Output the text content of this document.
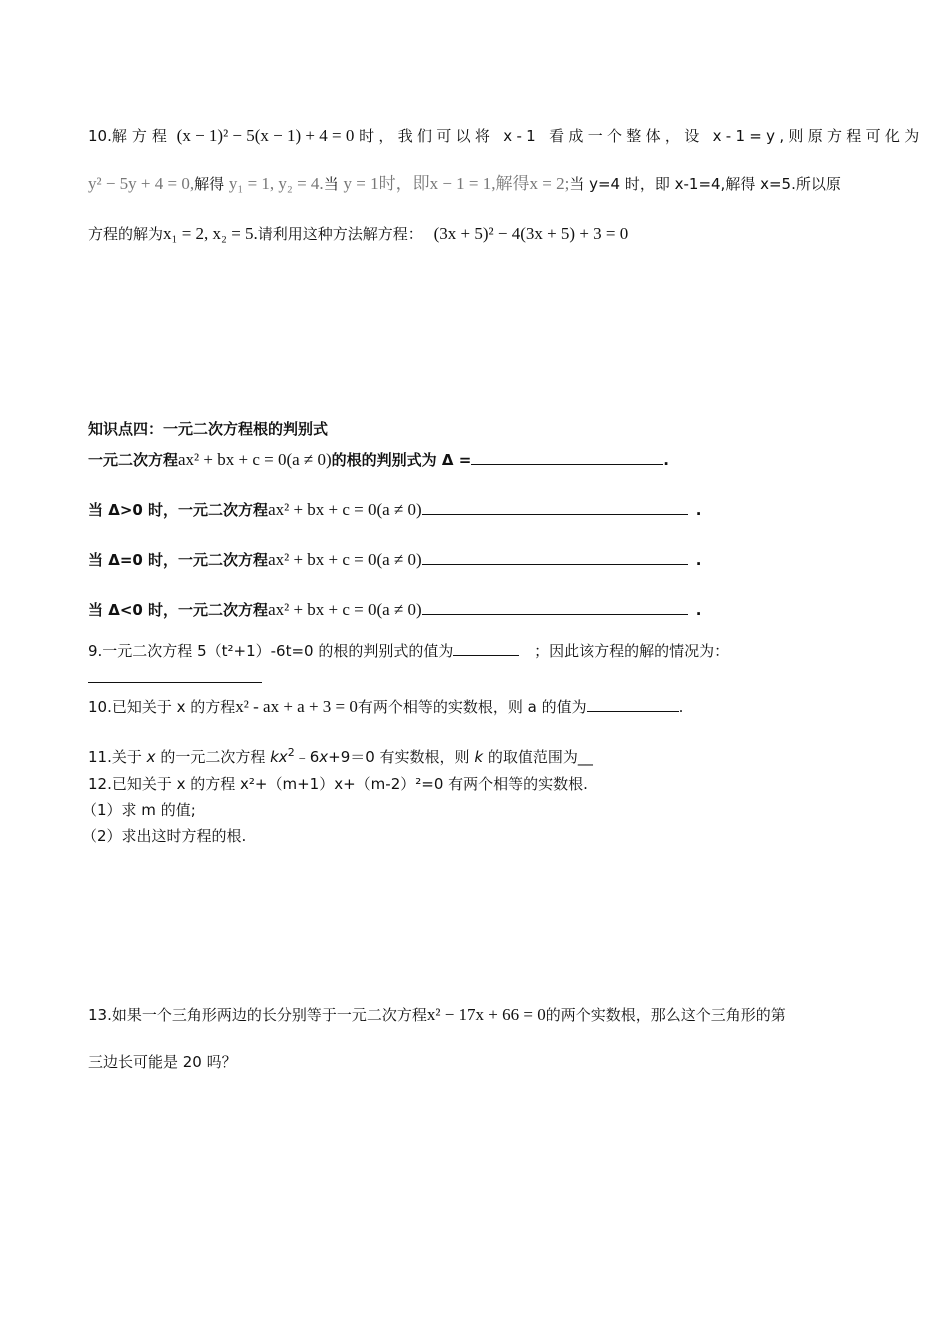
10.解方程 (x − 1)² − 5(x − 1) + 4 = 0 时，我们可以将 x-1 看成一个整体，设 x-1=y,则原方程可化为
y² − 5y + 4 = 0,解得 y₁ = 1, y₂ = 4.当 y = 1时，即x − 1 = 1,解得x = 2;当 y=4 时，即 x-1=4,解得 x=5.所以原
方程的解为x₁ = 2, x₂ = 5.请利用这种方法解方程： (3x + 5)² − 4(3x + 5) + 3 = 0
知识点四：一元二次方程根的判别式
一元二次方程ax² + bx + c = 0(a ≠ 0)的根的判别式为 Δ =	.
当 Δ>0 时，一元二次方程ax² + bx + c = 0(a ≠ 0)	.
当 Δ=0 时，一元二次方程ax² + bx + c = 0(a ≠ 0)	.
当 Δ<0 时，一元二次方程ax² + bx + c = 0(a ≠ 0)	.
9.一元二次方程 5（t²+1）-6t=0 的根的判别式的值为	；因此该方程的解的情况为：
10.已知关于 x 的方程x² - ax + a + 3 = 0有两个相等的实数根，则 a 的值为	.
11.关于 x 的一元二次方程 $kx^2﹣6x+9=0$ 有实数根，则 k 的取值范围为__
12.已知关于 x 的方程 x²+（m+1）x+（m-2）²=0 有两个相等的实数根.
（1）求 m 的值;
（2）求出这时方程的根.
13.如果一个三角形两边的长分别等于一元二次方程x² − 17x + 66 = 0的两个实数根，那么这个三角形的第
三边长可能是 20 吗？
